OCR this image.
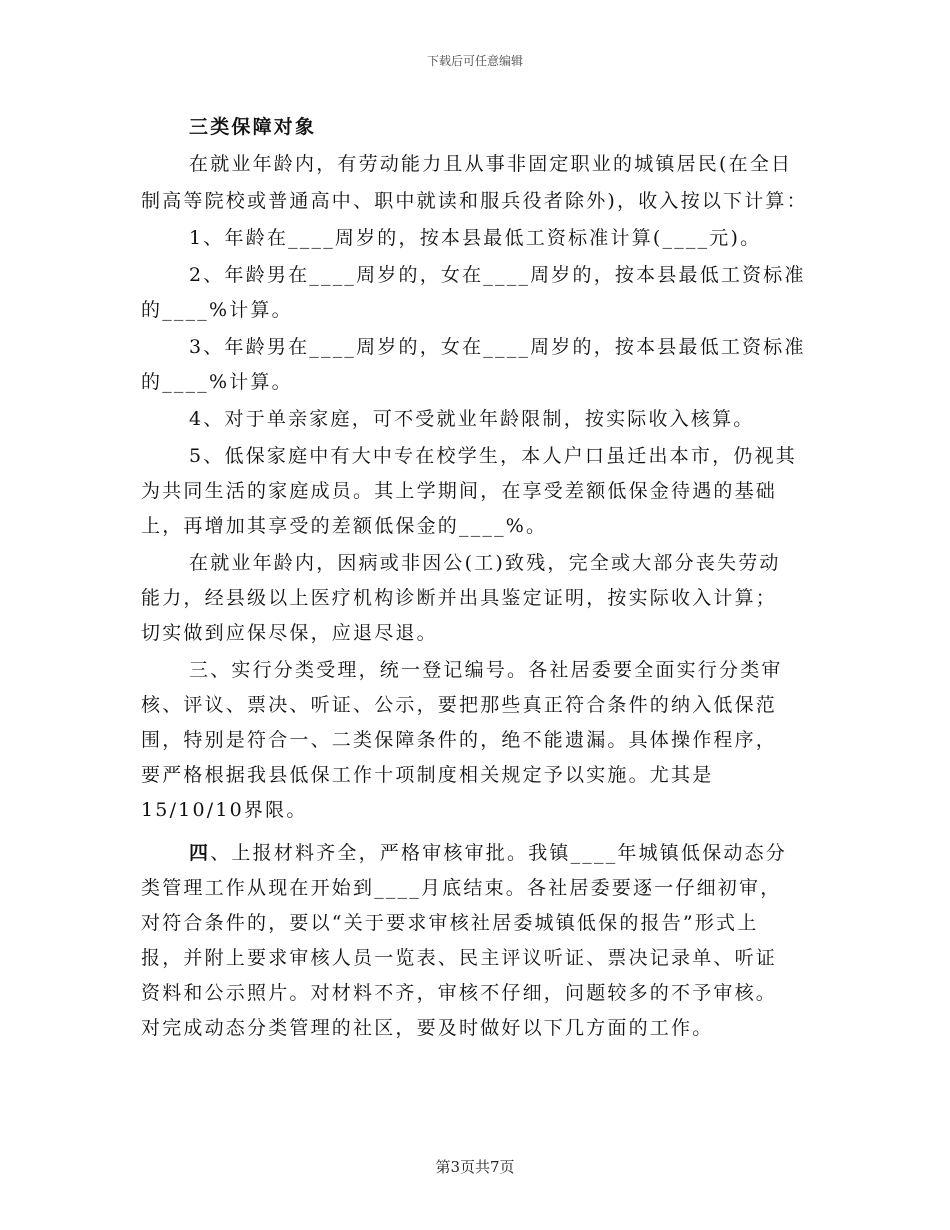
下载后可任意编辑
三类保障对象
在就业年龄内，有劳动能力且从事非固定职业的城镇居民(在全日
制高等院校或普通高中、职中就读和服兵役者除外)，收入按以下计算：
1、年龄在____周岁的，按本县最低工资标准计算(____元)。
2、年龄男在____周岁的，女在____周岁的，按本县最低工资标准
的____%计算。
3、年龄男在____周岁的，女在____周岁的，按本县最低工资标准
的____%计算。
4、对于单亲家庭，可不受就业年龄限制，按实际收入核算。
5、低保家庭中有大中专在校学生，本人户口虽迁出本市，仍视其
为共同生活的家庭成员。其上学期间，在享受差额低保金待遇的基础
上，再增加其享受的差额低保金的____%。
在就业年龄内，因病或非因公(工)致残，完全或大部分丧失劳动
能力，经县级以上医疗机构诊断并出具鉴定证明，按实际收入计算；
切实做到应保尽保，应退尽退。
三、实行分类受理，统一登记编号。各社居委要全面实行分类审
核、评议、票决、听证、公示，要把那些真正符合条件的纳入低保范
围，特别是符合一、二类保障条件的，绝不能遗漏。具体操作程序，
要严格根据我县低保工作十项制度相关规定予以实施。尤其是
15/10/10界限。
四、上报材料齐全，严格审核审批。我镇____年城镇低保动态分
类管理工作从现在开始到____月底结束。各社居委要逐一仔细初审，
对符合条件的，要以“关于要求审核社居委城镇低保的报告”形式上
报，并附上要求审核人员一览表、民主评议听证、票决记录单、听证
资料和公示照片。对材料不齐，审核不仔细，问题较多的不予审核。
对完成动态分类管理的社区，要及时做好以下几方面的工作。
第3页共7页
